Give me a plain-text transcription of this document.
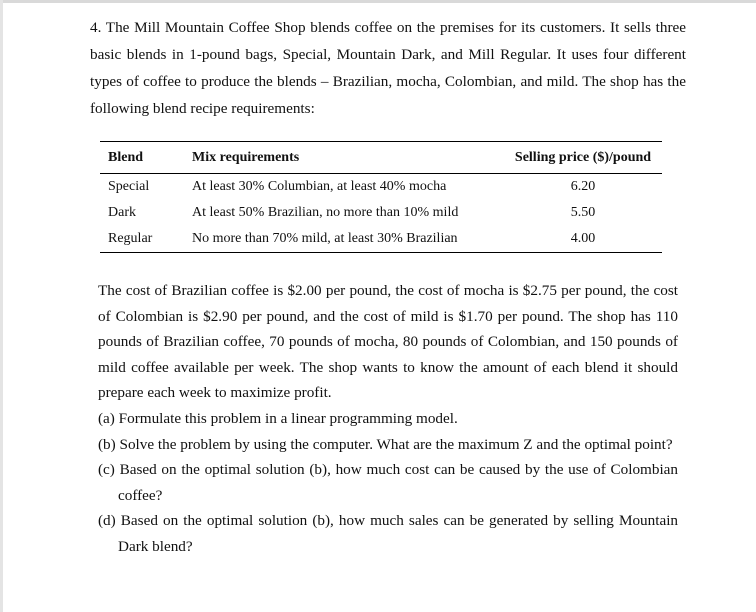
4. The Mill Mountain Coffee Shop blends coffee on the premises for its customers. It sells three basic blends in 1-pound bags, Special, Mountain Dark, and Mill Regular. It uses four different types of coffee to produce the blends – Brazilian, mocha, Colombian, and mild. The shop has the following blend recipe requirements:

Blend	Mix requirements	Selling price ($)/pound
Special	At least 30% Columbian, at least 40% mocha	6.20
Dark	At least 50% Brazilian, no more than 10% mild	5.50
Regular	No more than 70% mild, at least 30% Brazilian	4.00

The cost of Brazilian coffee is $2.00 per pound, the cost of mocha is $2.75 per pound, the cost of Colombian is $2.90 per pound, and the cost of mild is $1.70 per pound. The shop has 110 pounds of Brazilian coffee, 70 pounds of mocha, 80 pounds of Colombian, and 150 pounds of mild coffee available per week. The shop wants to know the amount of each blend it should prepare each week to maximize profit.

(a) Formulate this problem in a linear programming model.

(b) Solve the problem by using the computer. What are the maximum Z and the optimal point?

(c) Based on the optimal solution (b), how much cost can be caused by the use of Colombian coffee?

(d) Based on the optimal solution (b), how much sales can be generated by selling Mountain Dark blend?
